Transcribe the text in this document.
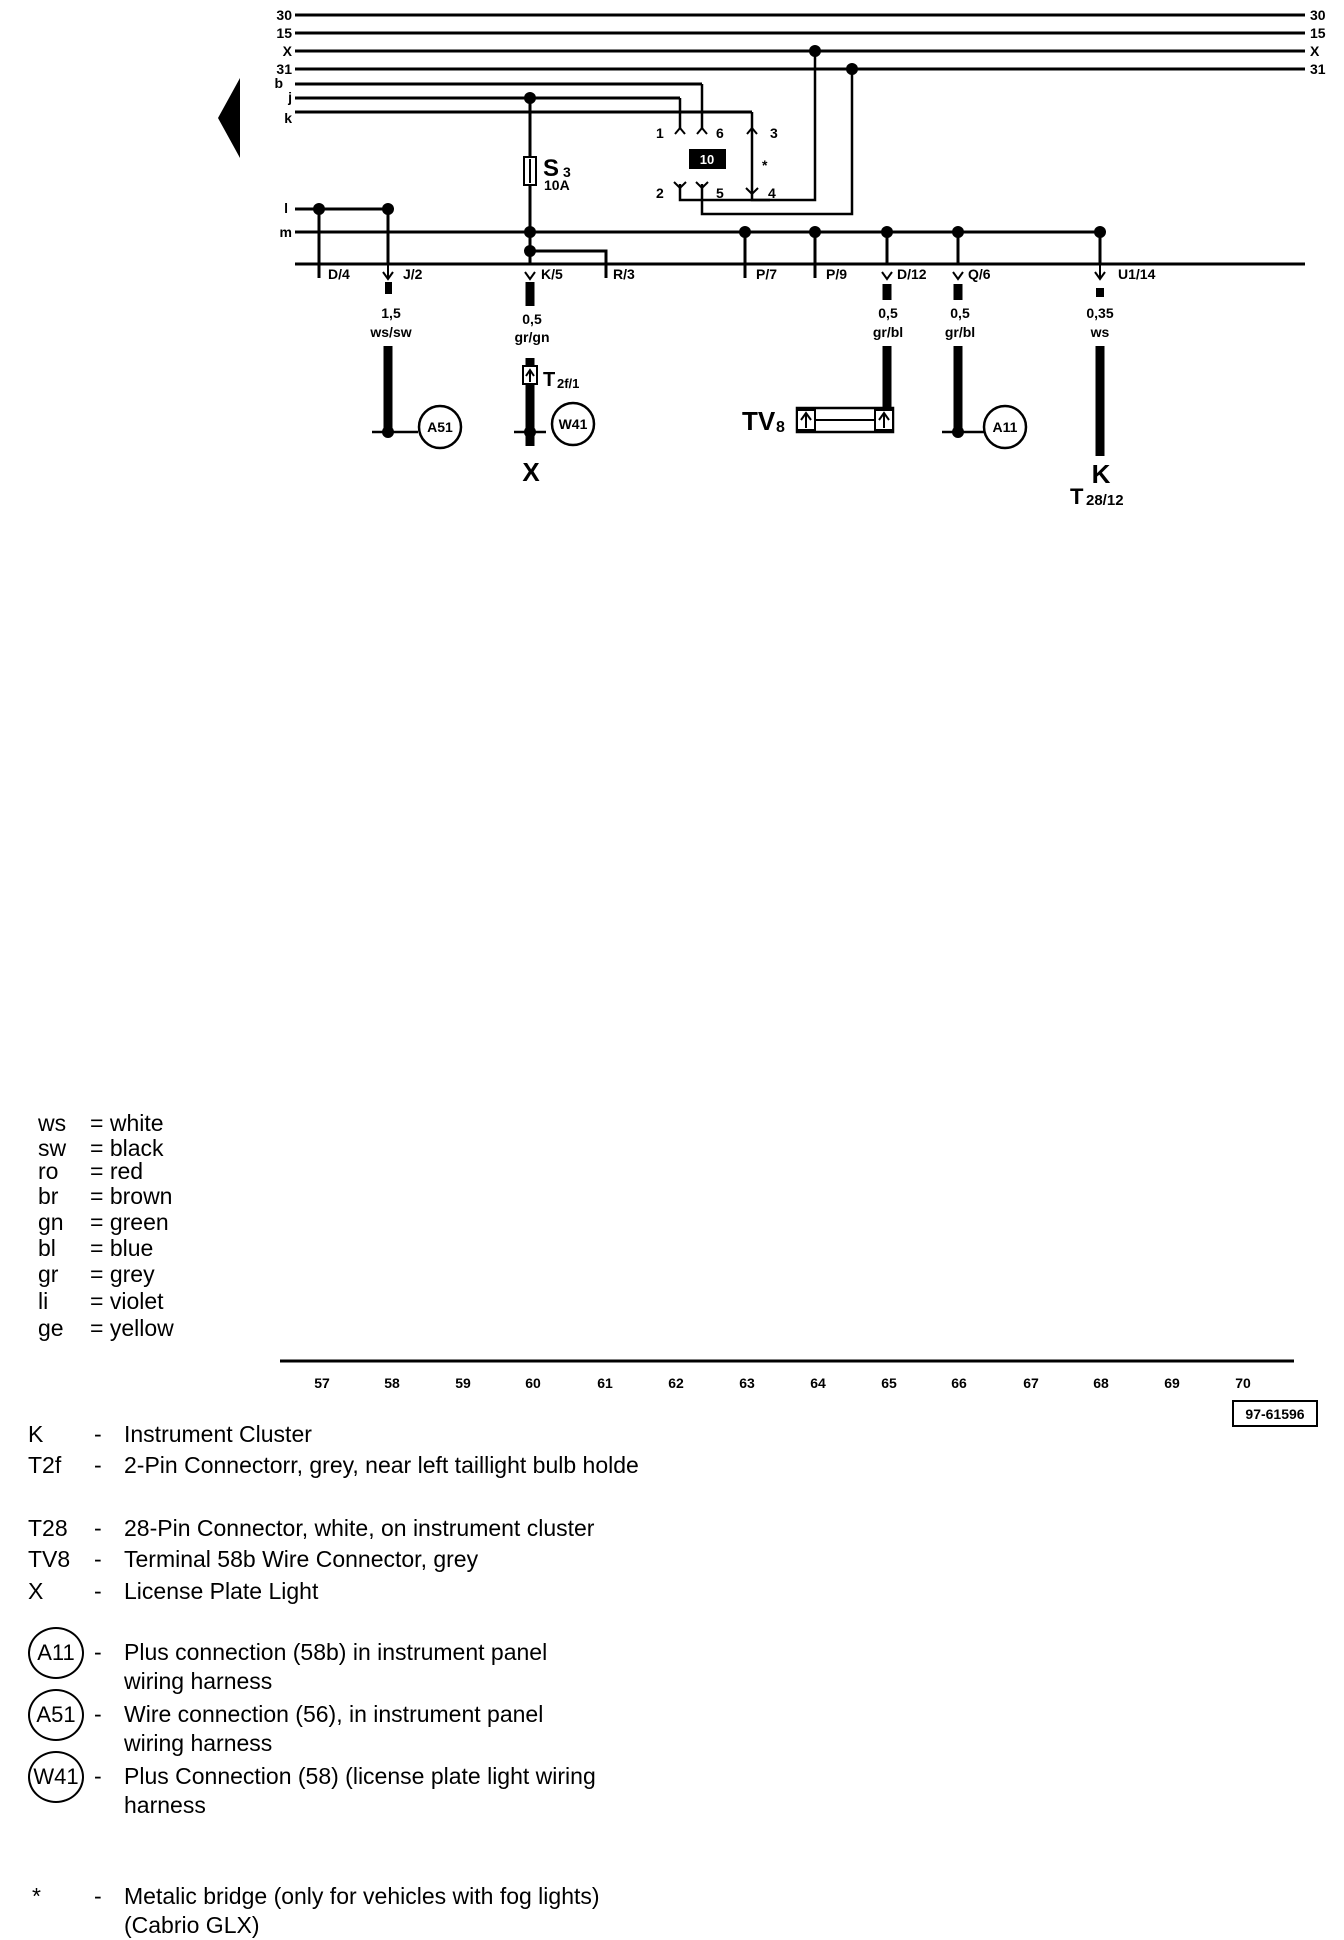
30
15
X
31
b
j
k
l
m
30
15
X
31
10
1	6	3
2	5	4
*
S 3
10A
D/4	J/2	K/5	R/3	P/7	P/9	D/12	Q/6	U1/14
1,5
ws/sw
0,5
gr/gn
0,5
gr/bl
0,5
gr/bl
0,35
ws
T 2f/1
TV 8
A51	W41	A11
X	K
T 28/12
57	58	59	60	61	62	63	64	65	66	67	68	69	70
97-61596
ws = white
sw = black
ro = red
br = brown
gn = green
bl = blue
gr = grey
li = violet
ge = yellow
K - Instrument Cluster
T2f - 2-Pin Connectorr, grey, near left taillight bulb holde
T28 - 28-Pin Connector, white, on instrument cluster
TV8 - Terminal 58b Wire Connector, grey
X - License Plate Light
A11 - Plus connection (58b) in instrument panel wiring harness
A51 - Wire connection (56), in instrument panel wiring harness
W41 - Plus Connection (58) (license plate light wiring harness
* - Metalic bridge (only for vehicles with fog lights) (Cabrio GLX)
